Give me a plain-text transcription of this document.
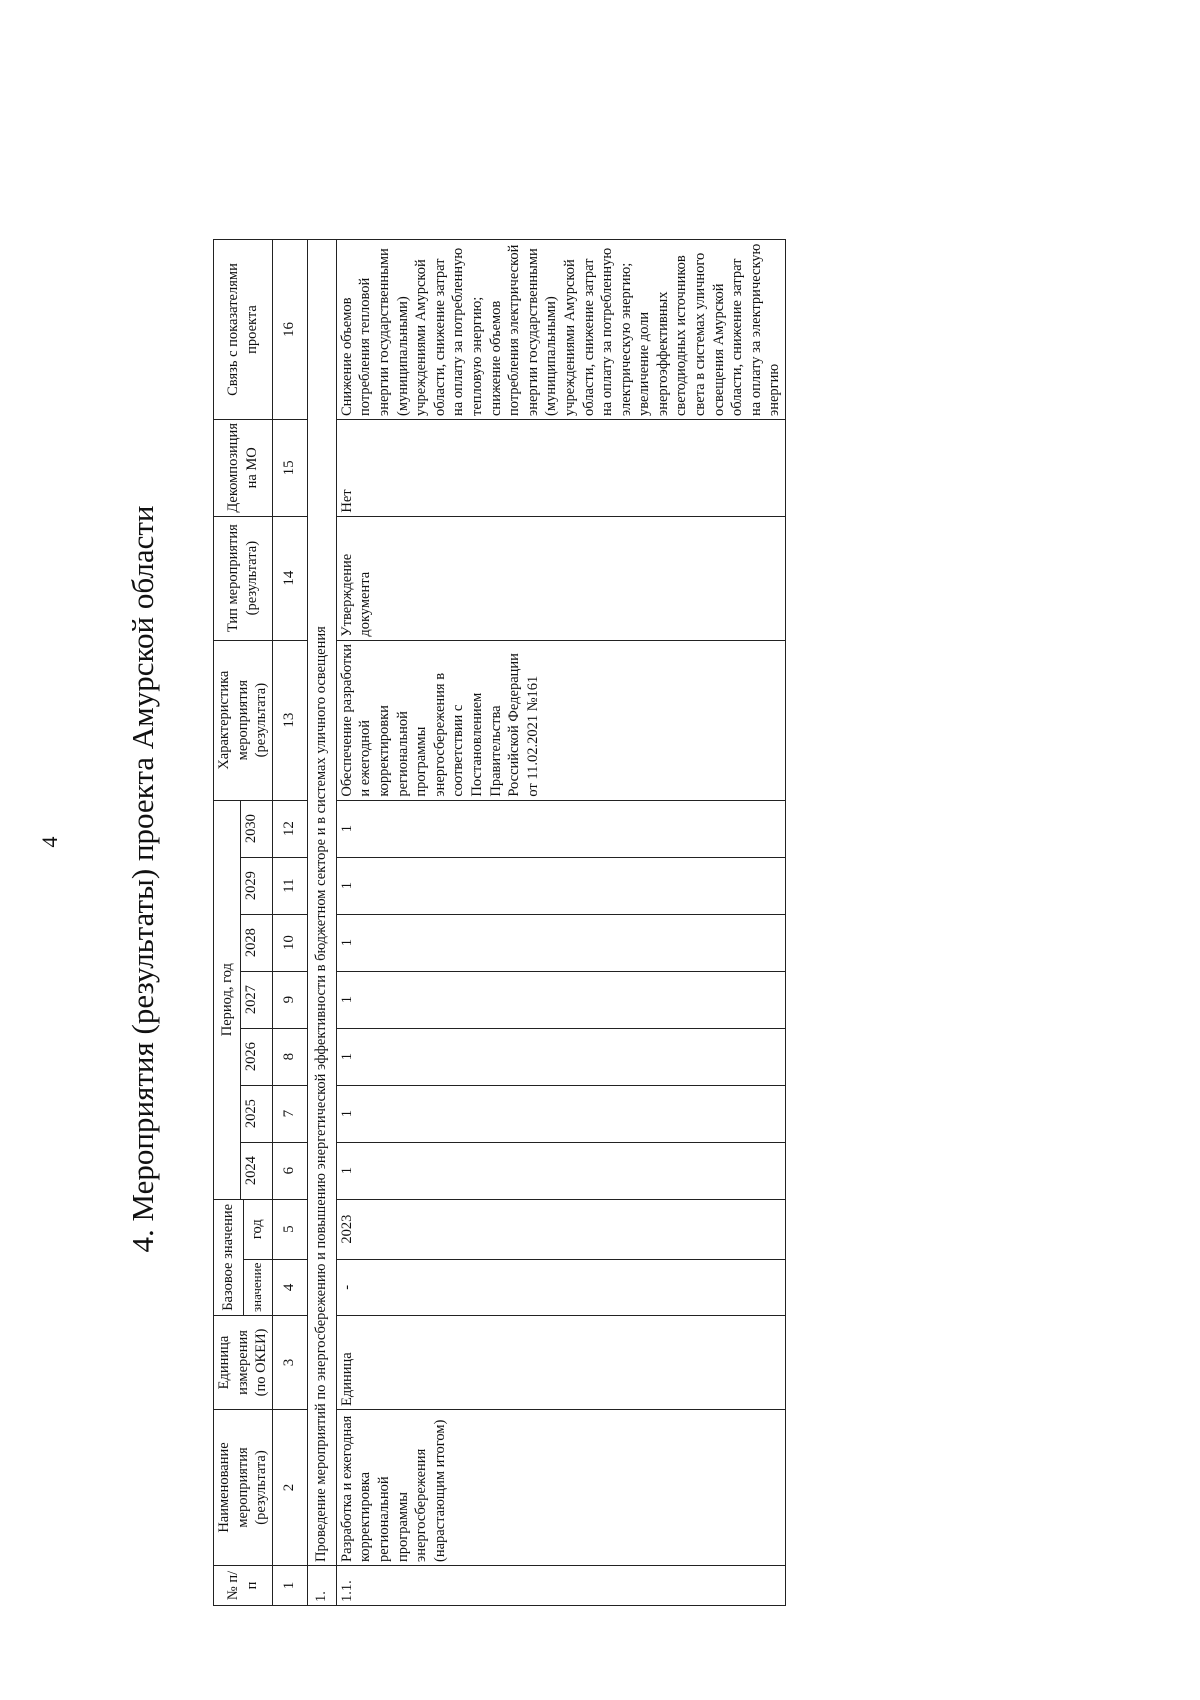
4 4. Мероприятия (результаты) проекта Амурской области
№ п/п	Наименование мероприятия (результата)	Единица измерения (по ОКЕИ)	Базовое значение		Период, год							Характеристика мероприятия (результата)	Тип мероприятия (результата)	Декомпозиция на МО	Связь с показателями проекта
					2024	2025	2026	2027	2028	2029	2030				
			значение	год											
1	2	3	4	5	6	7	8	9	10	11	12	13	14	15	16
1.	Проведение мероприятий по энергосбережению и повышению энергетической эффективности в бюджетном секторе и в системах уличного освещения														
1.1.	Разработка и ежегодная корректировка региональной программы энергосбережения (нарастающим итогом)	Единица	-	2023	1	1	1	1	1	1	1	Обеспечение разработки и ежегодной корректировки региональной программы энергосбережения в соответствии с Постановлением Правительства Российской Федерации от 11.02.2021 №161	Утверждение документа	Нет	Снижение объемов потребления тепловой энергии государственными (муниципальными) учреждениями Амурской области, снижение затрат на оплату за потребленную тепловую энергию; снижение объемов потребления электрической энергии государственными (муниципальными) учреждениями Амурской области, снижение затрат на оплату за потребленную электрическую энергию; увеличение доли энергоэффективных светодиодных источников света в системах уличного освещения Амурской области, снижение затрат на оплату за электрическую энергию
